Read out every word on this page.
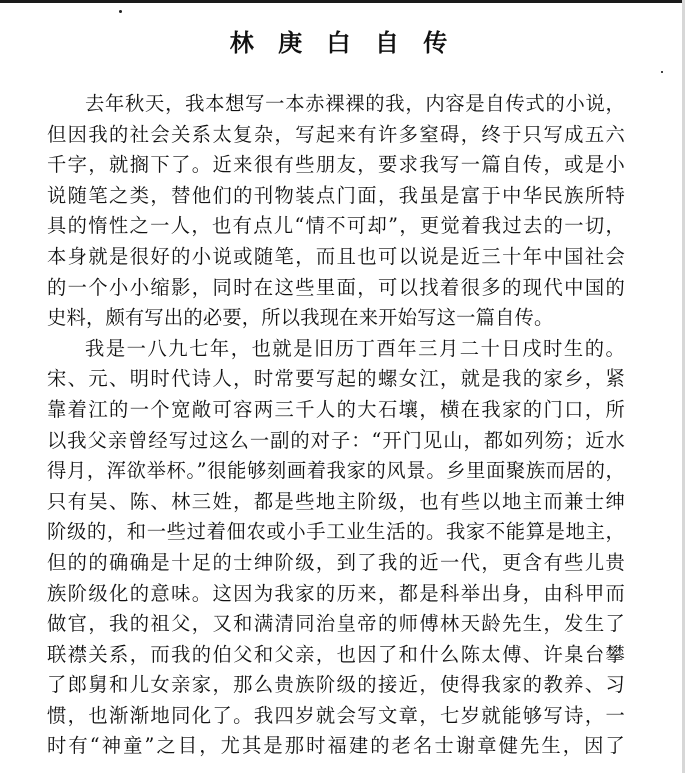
林 庚 白 自 传
去年秋天，我本想写一本赤裸裸的我，内容是自传式的小说，
但因我的社会关系太复杂，写起来有许多窒碍，终于只写成五六
千字，就搁下了。近来很有些朋友，要求我写一篇自传，或是小
说随笔之类，替他们的刊物装点门面，我虽是富于中华民族所特
具的惰性之一人，也有点儿“情不可却”，更觉着我过去的一切，
本身就是很好的小说或随笔，而且也可以说是近三十年中国社会
的一个小小缩影，同时在这些里面，可以找着很多的现代中国的
史料，颇有写出的必要，所以我现在来开始写这一篇自传。
我是一八九七年，也就是旧历丁酉年三月二十日戌时生的。
宋、元、明时代诗人，时常要写起的螺女江，就是我的家乡，紧
靠着江的一个宽敞可容两三千人的大石壤，横在我家的门口，所
以我父亲曾经写过这么一副的对子：“开门见山，都如列笏；近水
得月，浑欲举杯。”很能够刻画着我家的风景。乡里面聚族而居的，
只有吴、陈、林三姓，都是些地主阶级，也有些以地主而兼士绅
阶级的，和一些过着佃农或小手工业生活的。我家不能算是地主，
但的的确确是十足的士绅阶级，到了我的近一代，更含有些儿贵
族阶级化的意味。这因为我家的历来，都是科举出身，由科甲而
做官，我的祖父，又和满清同治皇帝的师傅林天龄先生，发生了
联襟关系，而我的伯父和父亲，也因了和什么陈太傅、许臬台攀
了郎舅和儿女亲家，那么贵族阶级的接近，使得我家的教养、习
惯，也渐渐地同化了。我四岁就会写文章，七岁就能够写诗，一
时有“神童”之目，尤其是那时福建的老名士谢章健先生，因了
